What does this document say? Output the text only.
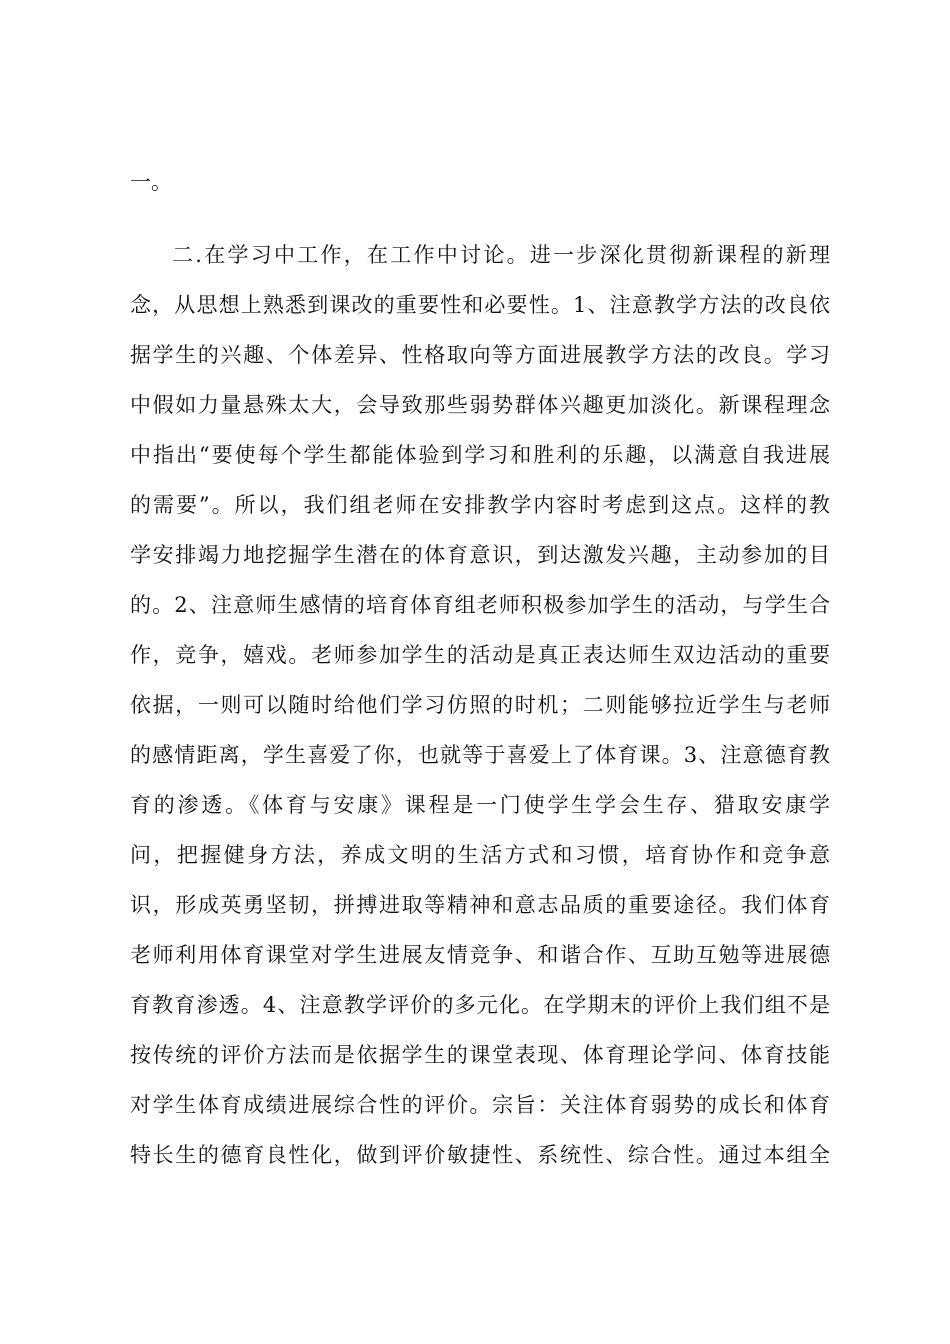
一。
二.在学习中工作，在工作中讨论。进一步深化贯彻新课程的新理
念，从思想上熟悉到课改的重要性和必要性。1、注意教学方法的改良依
据学生的兴趣、个体差异、性格取向等方面进展教学方法的改良。学习
中假如力量悬殊太大，会导致那些弱势群体兴趣更加淡化。新课程理念
中指出“要使每个学生都能体验到学习和胜利的乐趣，以满意自我进展
的需要”。所以，我们组老师在安排教学内容时考虑到这点。这样的教
学安排竭力地挖掘学生潜在的体育意识，到达激发兴趣，主动参加的目
的。2、注意师生感情的培育体育组老师积极参加学生的活动，与学生合
作，竞争，嬉戏。老师参加学生的活动是真正表达师生双边活动的重要
依据，一则可以随时给他们学习仿照的时机；二则能够拉近学生与老师
的感情距离，学生喜爱了你，也就等于喜爱上了体育课。3、注意德育教
育的渗透。《体育与安康》课程是一门使学生学会生存、猎取安康学
问，把握健身方法，养成文明的生活方式和习惯，培育协作和竞争意
识，形成英勇坚韧，拼搏进取等精神和意志品质的重要途径。我们体育
老师利用体育课堂对学生进展友情竞争、和谐合作、互助互勉等进展德
育教育渗透。4、注意教学评价的多元化。在学期末的评价上我们组不是
按传统的评价方法而是依据学生的课堂表现、体育理论学问、体育技能
对学生体育成绩进展综合性的评价。宗旨：关注体育弱势的成长和体育
特长生的德育良性化，做到评价敏捷性、系统性、综合性。通过本组全
